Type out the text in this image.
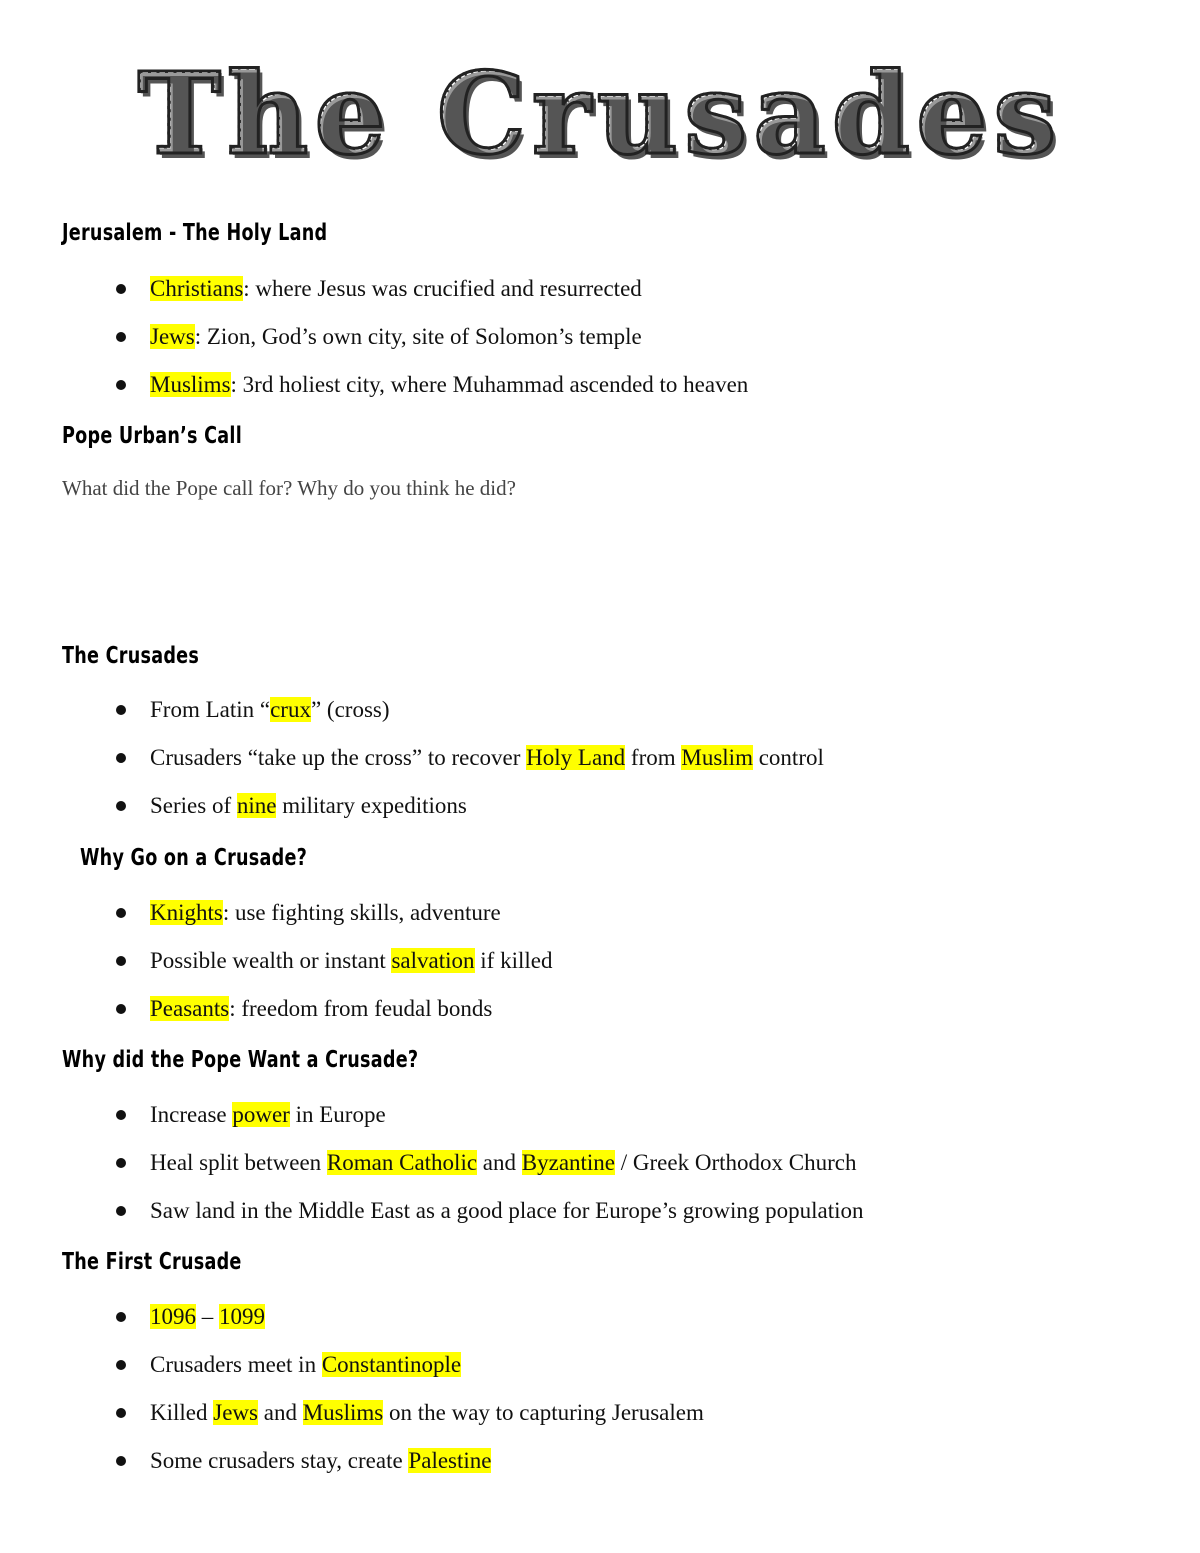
The Crusades
Jerusalem - The Holy Land
Christians: where Jesus was crucified and resurrected
Jews: Zion, God’s own city, site of Solomon’s temple
Muslims: 3rd holiest city, where Muhammad ascended to heaven
Pope Urban’s Call

What did the Pope call for? Why do you think he did?

The Crusades
From Latin “crux” (cross)
Crusaders “take up the cross” to recover Holy Land from Muslim control
Series of nine military expeditions
Why Go on a Crusade?
Knights: use fighting skills, adventure
Possible wealth or instant salvation if killed
Peasants: freedom from feudal bonds
Why did the Pope Want a Crusade?
Increase power in Europe
Heal split between Roman Catholic and Byzantine / Greek Orthodox Church
Saw land in the Middle East as a good place for Europe’s growing population
The First Crusade
1096 – 1099
Crusaders meet in Constantinople
Killed Jews and Muslims on the way to capturing Jerusalem
Some crusaders stay, create Palestine
